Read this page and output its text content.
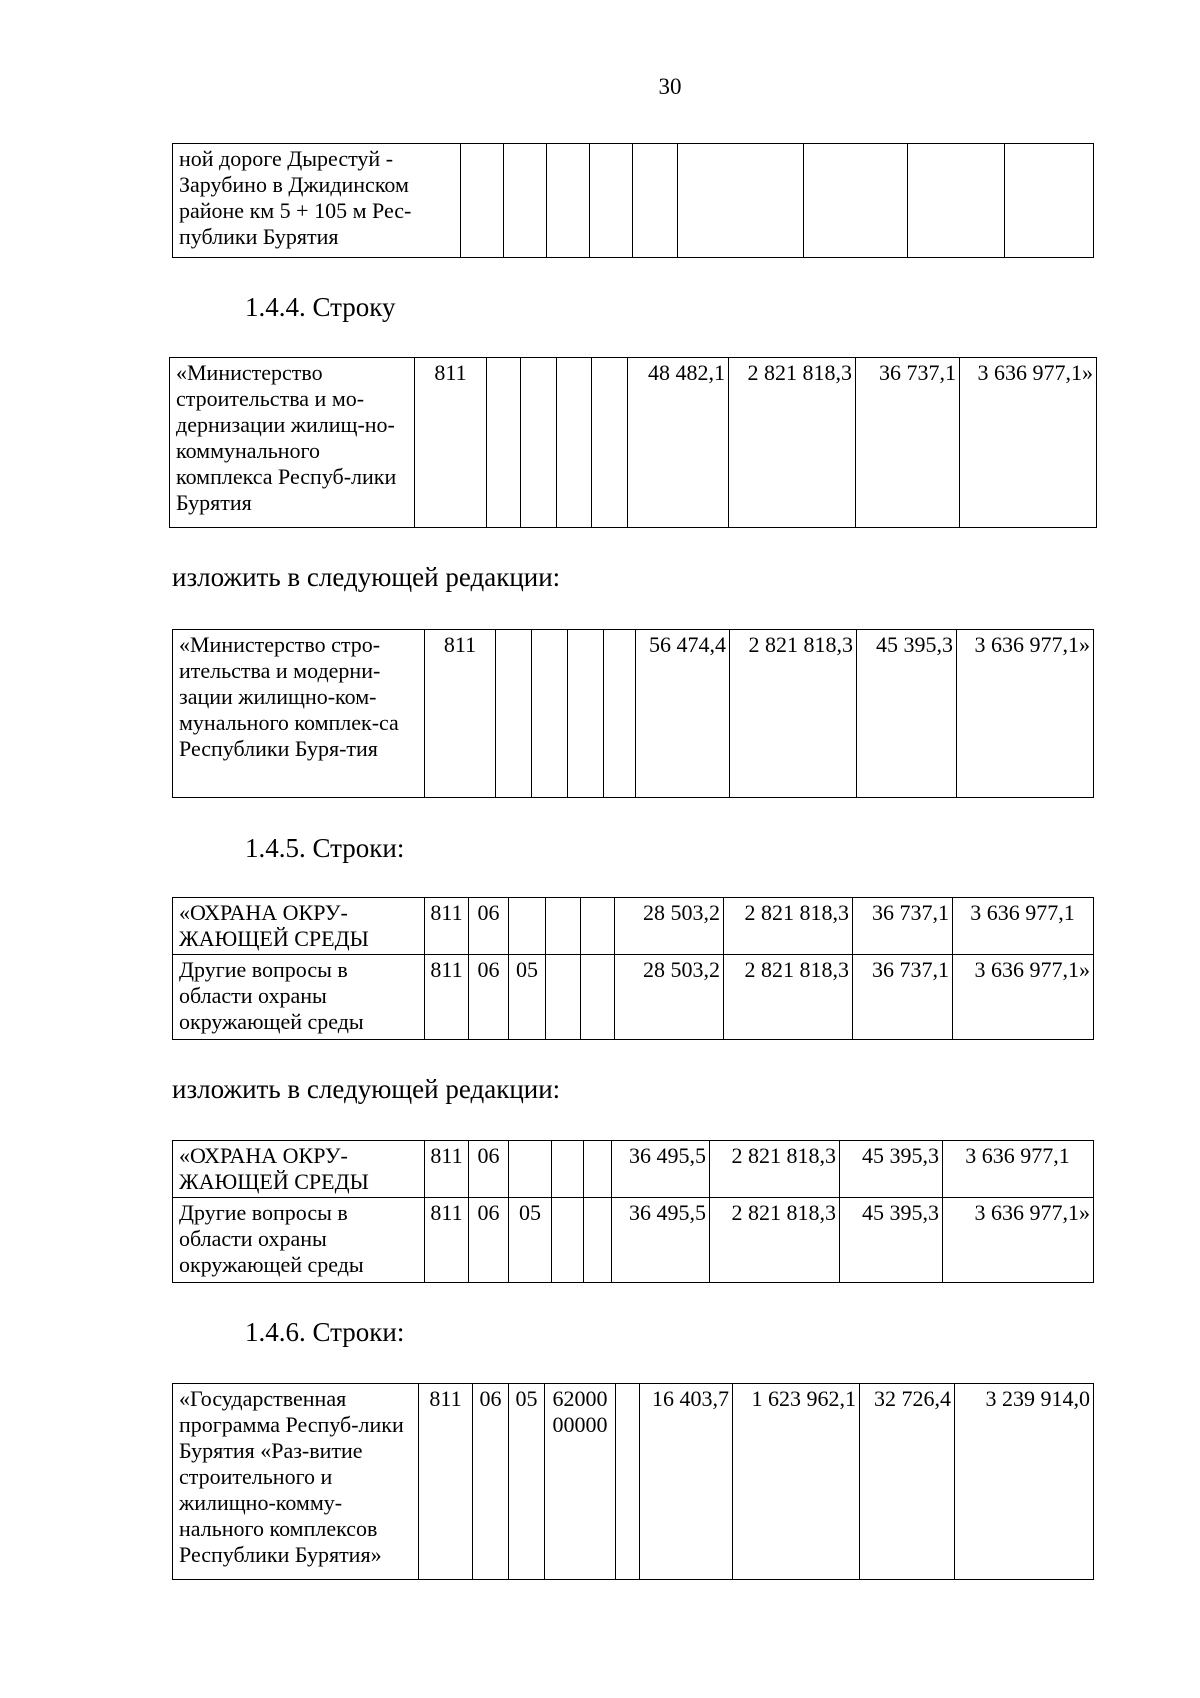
30
ной дороге Дырестуй - Зарубино в Джидинском районе км 5 + 105 м Рес-публики Бурятия									
1.4.4. Строку
«Министерство строительства и мо-дернизации жилищ-но-коммунального комплекса Респуб-лики Бурятия	811					48 482,1	2 821 818,3	36 737,1	3 636 977,1»
изложить в следующей редакции:
«Министерство стро-ительства и модерни-зации жилищно-ком-мунального комплек-са Республики Буря-тия	811					56 474,4	2 821 818,3	45 395,3	3 636 977,1»
1.4.5. Строки:
«ОХРАНА ОКРУ-ЖАЮЩЕЙ СРЕДЫ	811	06				28 503,2	2 821 818,3	36 737,1	3 636 977,1
Другие вопросы в области охраны окружающей среды	811	06	05			28 503,2	2 821 818,3	36 737,1	3 636 977,1»
изложить в следующей редакции:
«ОХРАНА ОКРУ-ЖАЮЩЕЙ СРЕДЫ	811	06				36 495,5	2 821 818,3	45 395,3	3 636 977,1
Другие вопросы в области охраны окружающей среды	811	06	05			36 495,5	2 821 818,3	45 395,3	3 636 977,1»
1.4.6. Строки:
«Государственная программа Респуб-лики Бурятия «Раз-витие строительного и жилищно-комму-нального комплексов Республики Бурятия»	811	06	05	62000 00000		16 403,7	1 623 962,1	32 726,4	3 239 914,0
